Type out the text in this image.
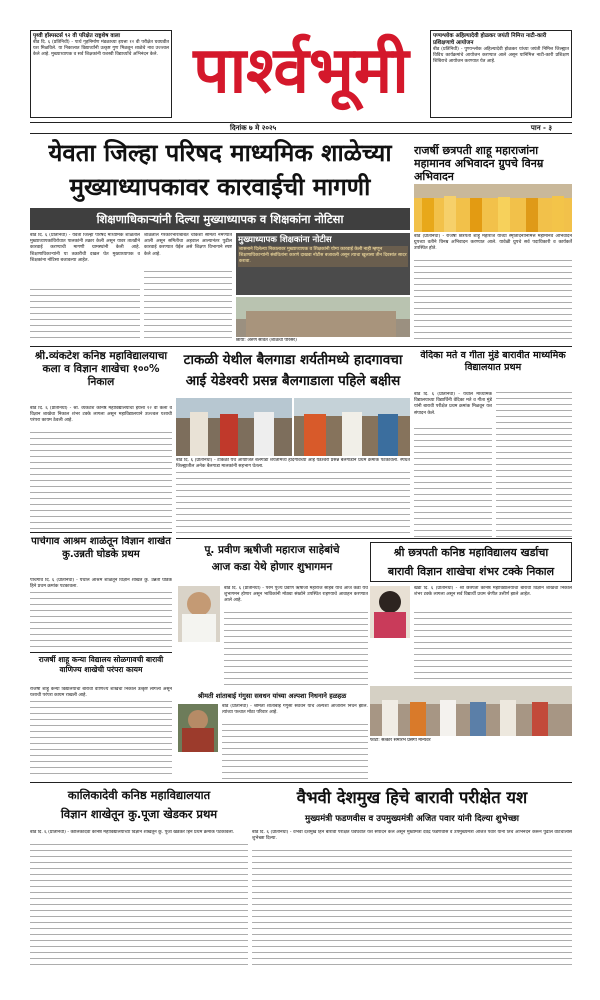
पृथ्वी हॉस्पस्टर्स ९२ वी परिक्षेत राष्ट्रशेष वाला
बीड दि. ६ (प्रतिनिधी) - पार्थ गृहनिर्माण मंडळाच्या इयत्ता १२ वी परीक्षेत घवघवीत यश मिळविले. या निकालात विद्यार्थ्यांनी उत्कृष्ट गुण मिळवून शाळेचे नाव उज्ज्वल केले आहे. मुख्याध्यापक व सर्व शिक्षकांनी यशस्वी विद्यार्थ्यांचे अभिनंदन केले. पार्श्वभूमी	पण्यश्लोक अहिल्यादेवी होळकर जयंती निमित्त नाटी-कारी प्रशिक्षणाचे आयोजन
बीड (प्रतिनिधी) - पुण्यश्लोक अहिल्यादेवी होळकर यांच्या जयंती निमित्त जिल्ह्यात विविध कार्यक्रमांचे आयोजन करण्यात आले असून यानिमित्त नाटी-कारी प्रशिक्षण शिबिराचे आयोजन करण्यात येत आहे.
दिनांक ७ मे २०२५	पान - ३
येवता जिल्हा परिषद माध्यमिक शाळेच्या
मुख्याध्यापकावर कारवाईची मागणी
शिक्षणाधिकाऱ्यांनी दिल्या मुख्याध्यापक व शिक्षकांना नोटिसा
बीड दि. ६ (प्रतिनिधी) - येवता जिल्हा परिषद माध्यमिक शाळेतील मुख्याध्यापकांविरोधात पालकांनी तक्रार केली असून यावर तातडीने कारवाई करण्याची मागणी ग्रामस्थांनी केली आहे. शिक्षणाधिकाऱ्यांनी या तक्रारीची दखल घेत मुख्याध्यापक व शिक्षकांना नोटिसा बजावल्या आहेत.
शाळेतील गैरकारभाराबाबत चौकशी समिती नेमण्यात आली असून समितीचा अहवाल आल्यानंतर पुढील कारवाई करण्यात येईल असे शिक्षण विभागाने स्पष्ट केले आहे.
मुख्याध्यापक शिक्षकांना नोटीस
शासनाने दिलेल्या निकालावर मुख्याध्यापक व शिक्षकांनी योग्य कारवाई केली नाही म्हणून शिक्षणाधिकाऱ्यांनी संबंधितांना कारणे दाखवा नोटीस बजावली असून त्याचा खुलासा तीन दिवसांत सादर करावा.
छाया: अरुण सावंत (शाळेचा परिसर)
राजर्षी छत्रपती शाहू महाराजांना महामानव अभिवादन ग्रुपचे विनम्र अभिवादन
बीड (प्रतिनिधी) - राजर्षी छत्रपती शाहू महाराज यांच्या स्मृतिदिनानिमित्त महामानव अभिवादन ग्रुपच्या वतीने विनम्र अभिवादन करण्यात आले. यावेळी ग्रुपचे सर्व पदाधिकारी व कार्यकर्ते उपस्थित होते.
श्री.व्यंकटेश कनिष्ठ महाविद्यालयाचा कला व विज्ञान शाखेचा १००% निकाल
बीड दि. ६ (प्रतिनिधी) - श्री. व्यंकटेश कनिष्ठ महाविद्यालयाचा इयत्ता १२ वी कला व विज्ञान शाखेचा निकाल शंभर टक्के लागला असून महाविद्यालयाने उज्ज्वल यशाची परंपरा कायम ठेवली आहे.
पाचेगाव आश्रम शाळेतून विज्ञान शाखेत कु.उन्नती घोडके प्रथम
पाचेगाव दि. ६ (प्रतिनिधी) - येथील आश्रम शाळेतून विज्ञान शाखेत कु. उन्नती घोडके हिने प्रथम क्रमांक पटकावला.
राजर्षी शाहू कन्या विद्यालय सोळगावची बारावी वाणिज्य शाखेची परंपरा कायम
राजर्षी शाहू कन्या विद्यालयाचा बारावी वाणिज्य शाखेचा निकाल उत्कृष्ट लागला असून यशाची परंपरा कायम राखली आहे.
टाकळी येथील बैलगाडा शर्यतीमध्ये हादगावचा
आई येडेश्वरी प्रसन्न बैलगाडाला पहिले बक्षीस
बीड दि. ६ (प्रतिनिधी) - टाकळी येथे आयोजित बैलगाडा शर्यतीमध्ये हादगावच्या आई येडेश्वरी प्रसन्न बैलगाडाने प्रथम क्रमांक पटकावला. स्पर्धेत जिल्ह्यातील अनेक बैलगाडा मालकांनी सहभाग घेतला.
वेदिका मते व गीता मुंडे बारावीत माध्यमिक विद्यालयात प्रथम
बीड दि. ६ (प्रतिनिधी) - येथील माध्यमिक विद्यालयाच्या विद्यार्थिनी वेदिका मते व गीता मुंडे यांनी बारावी परीक्षेत प्रथम क्रमांक मिळवून यश संपादन केले.
पू. प्रवीण ऋषीजी महाराज साहेबांचे
आज कडा येथे होणार शुभागमन
बीड दि. ६ (प्रतिनिधी) - परम पूज्य प्रवीण ऋषीजी महाराज साहेब यांचे आज कडा येथे शुभागमन होणार असून भाविकांनी मोठ्या संख्येने उपस्थित राहण्याचे आवाहन करण्यात आले आहे.
श्री छत्रपती कनिष्ठ महाविद्यालय खर्डाचा
बारावी विज्ञान शाखेचा शंभर टक्के निकाल
खर्डा दि. ६ (प्रतिनिधी) - श्री छत्रपती कनिष्ठ महाविद्यालयाचा बारावी विज्ञान शाखेचा निकाल शंभर टक्के लागला असून सर्व विद्यार्थी प्रथम श्रेणीत उत्तीर्ण झाले आहेत.
श्रीमती शांताबाई गंगुसा सवधन यांच्या अल्पशा निधनाने हळहळ
बीड (प्रतिनिधी) - श्रीमती शांताबाई गंगुसा सवधन यांचे अल्पशा आजाराने निधन झाले. त्यांच्या पश्चात मोठा परिवार आहे.
फोटो: सत्कार समारंभ प्रसंगी मान्यवर
कालिकादेवी कनिष्ठ महाविद्यालयात
विज्ञान शाखेतून कु.पूजा खेडकर प्रथम
बीड दि. ६ (प्रतिनिधी) - कालिकादेवी कनिष्ठ महाविद्यालयाच्या विज्ञान शाखेतून कु. पूजा खेडकर हिने प्रथम क्रमांक पटकावला.
वैभवी देशमुख हिचे बारावी परीक्षेत यश
मुख्यमंत्री फडणवीस व उपमुख्यमंत्री अजित पवार यांनी दिल्या शुभेच्छा
बीड दि. ६ (प्रतिनिधी) - वैभवी देशमुख हिने बारावी परीक्षेत घवघवीत यश संपादन केले असून मुख्यमंत्री देवेंद्र फडणवीस व उपमुख्यमंत्री अजित पवार यांनी तिचे अभिनंदन करून पुढील वाटचालीस शुभेच्छा दिल्या.
